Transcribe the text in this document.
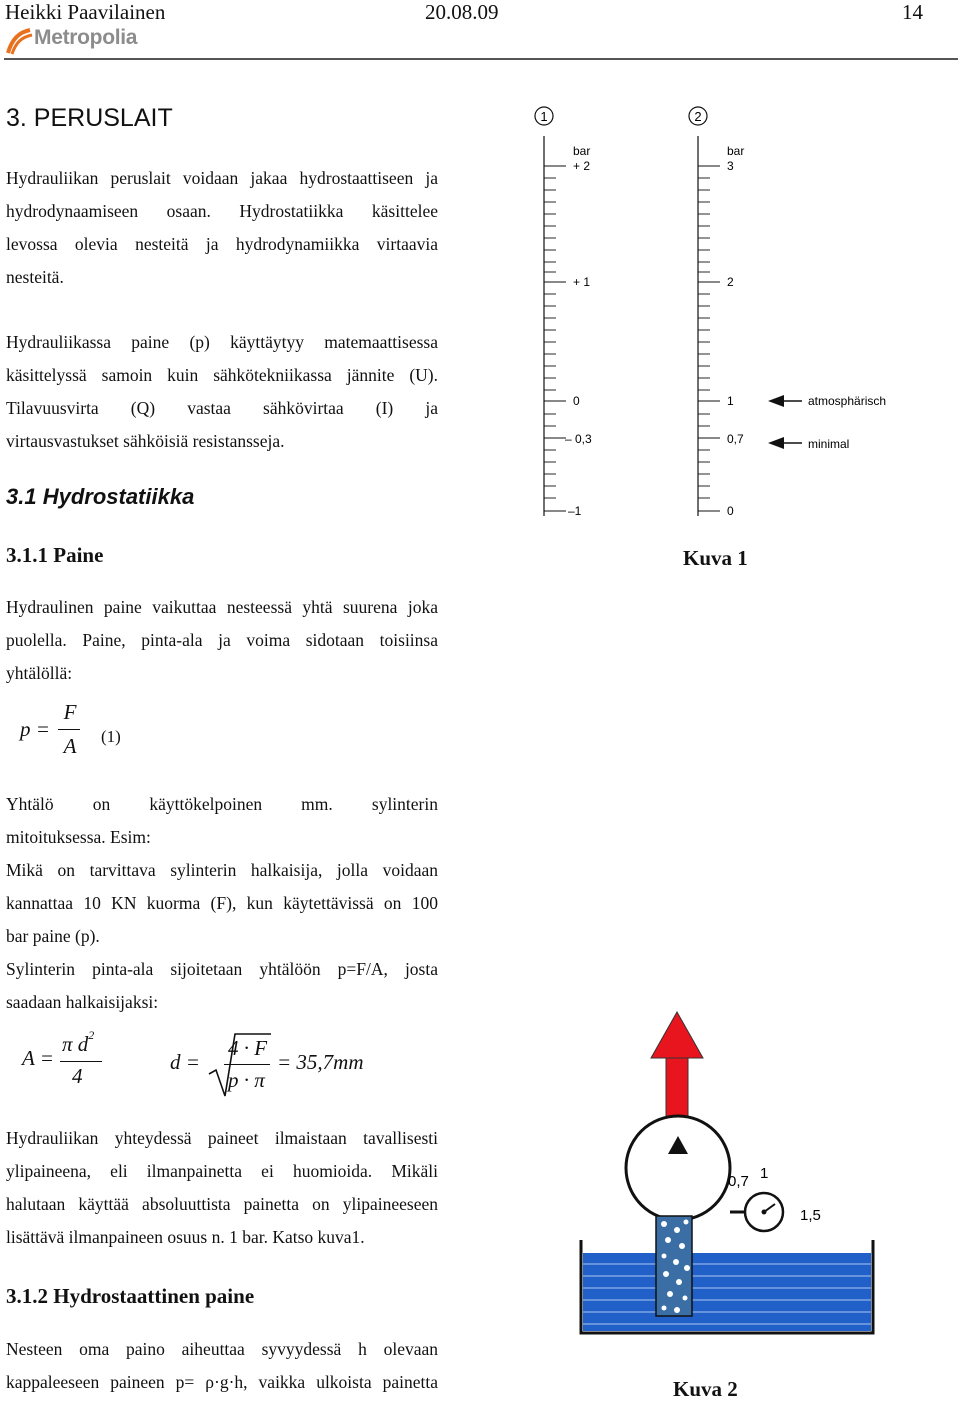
Heikki Paavilainen	20.08.09	14
Metropolia
3. PERUSLAIT
Hydrauliikan peruslait voidaan jakaa hydrostaattiseen ja
hydrodynaamiseen osaan. Hydrostatiikka käsittelee
levossa olevia nesteitä ja hydrodynamiikka virtaavia
nesteitä.
Hydrauliikassa paine (p) käyttäytyy matemaattisessa
käsittelyssä samoin kuin sähkötekniikassa jännite (U).
Tilavuusvirta (Q) vastaa sähkövirtaa (I) ja
virtausvastukset sähköisiä resistansseja.
3.1 Hydrostatiikka
3.1.1 Paine
Hydraulinen paine vaikuttaa nesteessä yhtä suurena joka
puolella. Paine, pinta-ala ja voima sidotaan toisiinsa
yhtälöllä:
p =
F
A (1)
Yhtälö on käyttökelpoinen mm. sylinterin
mitoituksessa. Esim:
Mikä on tarvittava sylinterin halkaisija, jolla voidaan
kannattaa 10 KN kuorma (F), kun käytettävissä on 100
bar paine (p).
Sylinterin pinta-ala sijoitetaan yhtälöön p=F/A, josta
saadaan halkaisijaksi:
A =
π $d^2$
4
d =
4 · F
p · π
= 35,7mm
Hydrauliikan yhteydessä paineet ilmaistaan tavallisesti
ylipaineena, eli ilmanpainetta ei huomioida. Mikäli
halutaan käyttää absoluuttista painetta on ylipaineeseen
lisättävä ilmanpaineen osuus n. 1 bar. Katso kuva1.
3.1.2 Hydrostaattinen paine
Nesteen oma paino aiheuttaa syvyydessä h olevaan
kappaleeseen paineen p= ρ·g·h, vaikka ulkoista painetta
1
bar
+ 2
+ 1
0
– 0,3
–1
2
bar
3
2
1
0,7
0
atmosphärisch
minimal
Kuva 1
0,7 1
1,5
Kuva 2
